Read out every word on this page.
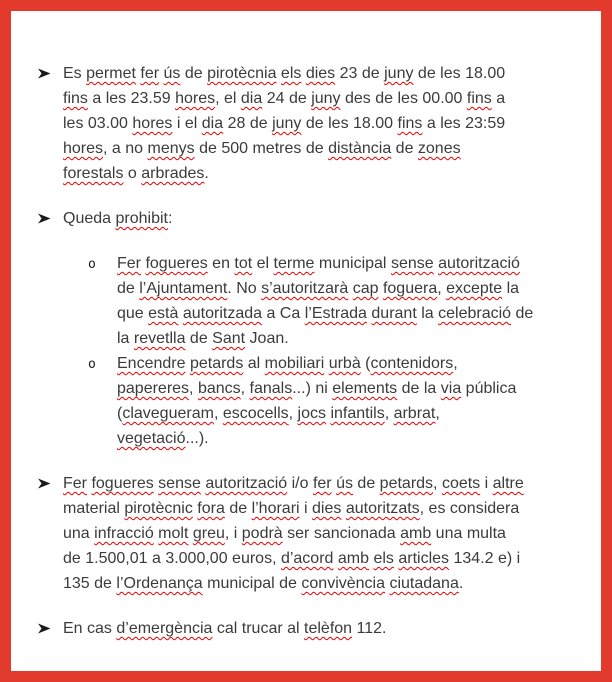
Es permet fer ús de pirotècnia els dies 23 de juny de les 18.00
fins a les 23.59 hores, el dia 24 de juny des de les 00.00 fins a
les 03.00 hores i el dia 28 de juny de les 18.00 fins a les 23:59
hores, a no menys de 500 metres de distància de zones
forestals o arbrades.
Queda prohibit:
o	Fer fogueres en tot el terme municipal sense autorització
de l’Ajuntament. No s’autoritzarà cap foguera, excepte la
que està autoritzada a Ca l’Estrada durant la celebració de
la revetlla de Sant Joan.
o	Encendre petards al mobiliari urbà (contenidors,
papereres, bancs, fanals...) ni elements de la via pública
(clavegueram, escocells, jocs infantils, arbrat,
vegetació...).
Fer fogueres sense autorització i/o fer ús de petards, coets i altre
material pirotècnic fora de l’horari i dies autoritzats, es considera
una infracció molt greu, i podrà ser sancionada amb una multa
de 1.500,01 a 3.000,00 euros, d’acord amb els articles 134.2 e) i
135 de l’Ordenança municipal de convivència ciutadana.
En cas d’emergència cal trucar al telèfon 112.
